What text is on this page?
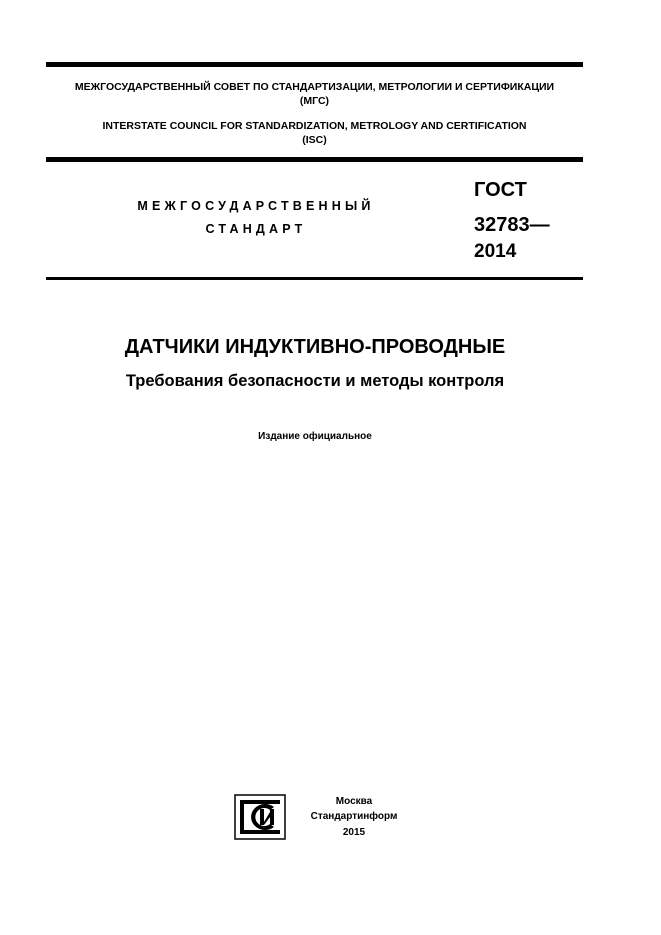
МЕЖГОСУДАРСТВЕННЫЙ СОВЕТ ПО СТАНДАРТИЗАЦИИ, МЕТРОЛОГИИ И СЕРТИФИКАЦИИ
(МГС)
INTERSTATE COUNCIL FOR STANDARDIZATION, METROLOGY AND CERTIFICATION
(ISC)
МЕЖГОСУДАРСТВЕННЫЙ
СТАНДАРТ
ГОСТ
32783—
2014
ДАТЧИКИ ИНДУКТИВНО-ПРОВОДНЫЕ
Требования безопасности и методы контроля
Издание официальное
Москва
Стандартинформ
2015
